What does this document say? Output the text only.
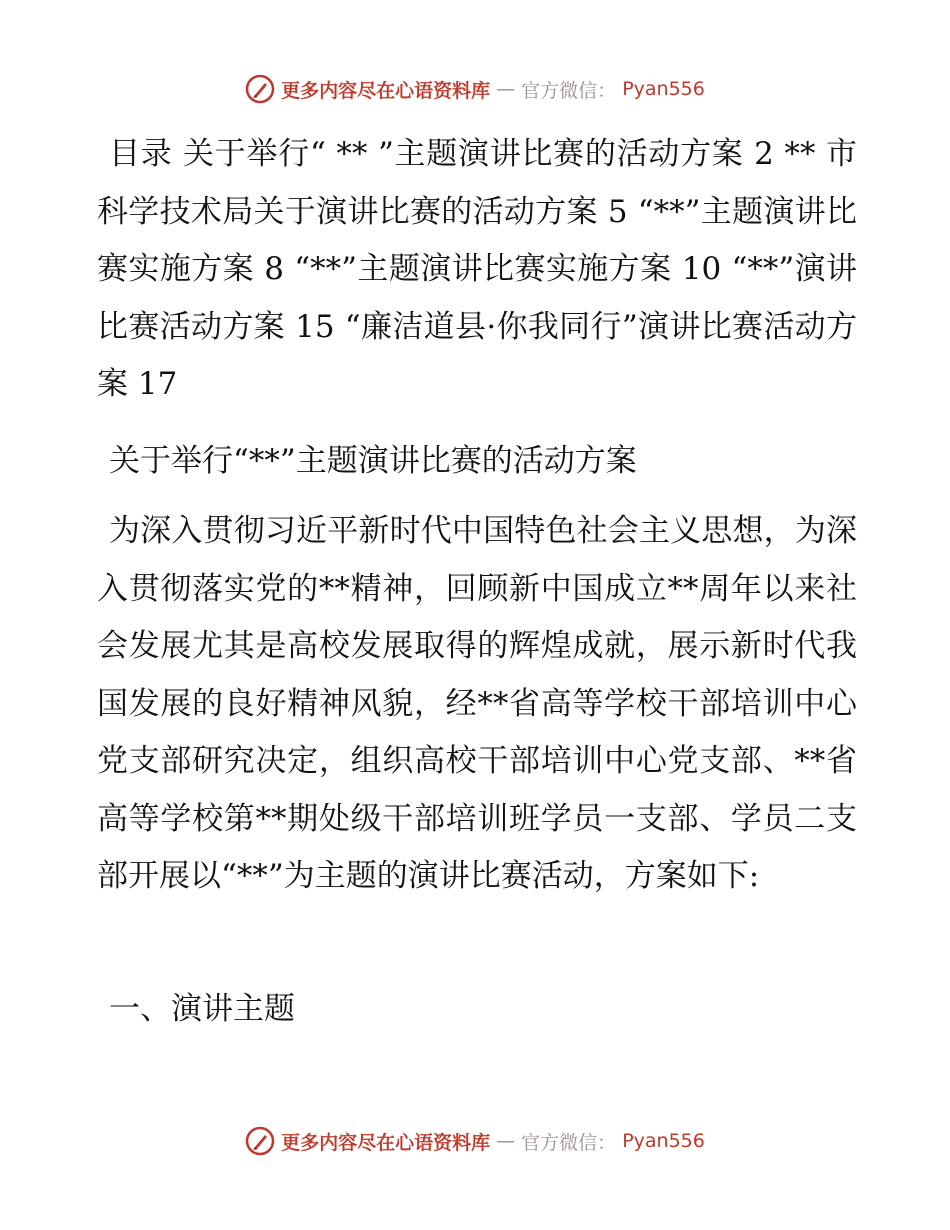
更多内容尽在心语资料库 — 官方微信： Pyan556

目录 关于举行“ ** ”主题演讲比赛的活动方案 2 ** 市科学技术局关于演讲比赛的活动方案 5 “**”主题演讲比赛实施方案 8 “**”主题演讲比赛实施方案 10 “**”演讲比赛活动方案 15 “廉洁道县·你我同行”演讲比赛活动方案 17

关于举行“**”主题演讲比赛的活动方案

为深入贯彻习近平新时代中国特色社会主义思想，为深入贯彻落实党的**精神，回顾新中国成立**周年以来社会发展尤其是高校发展取得的辉煌成就，展示新时代我国发展的良好精神风貌，经**省高等学校干部培训中心党支部研究决定，组织高校干部培训中心党支部、**省高等学校第**期处级干部培训班学员一支部、学员二支部开展以“**”为主题的演讲比赛活动，方案如下:

一、演讲主题

更多内容尽在心语资料库 — 官方微信： Pyan556
